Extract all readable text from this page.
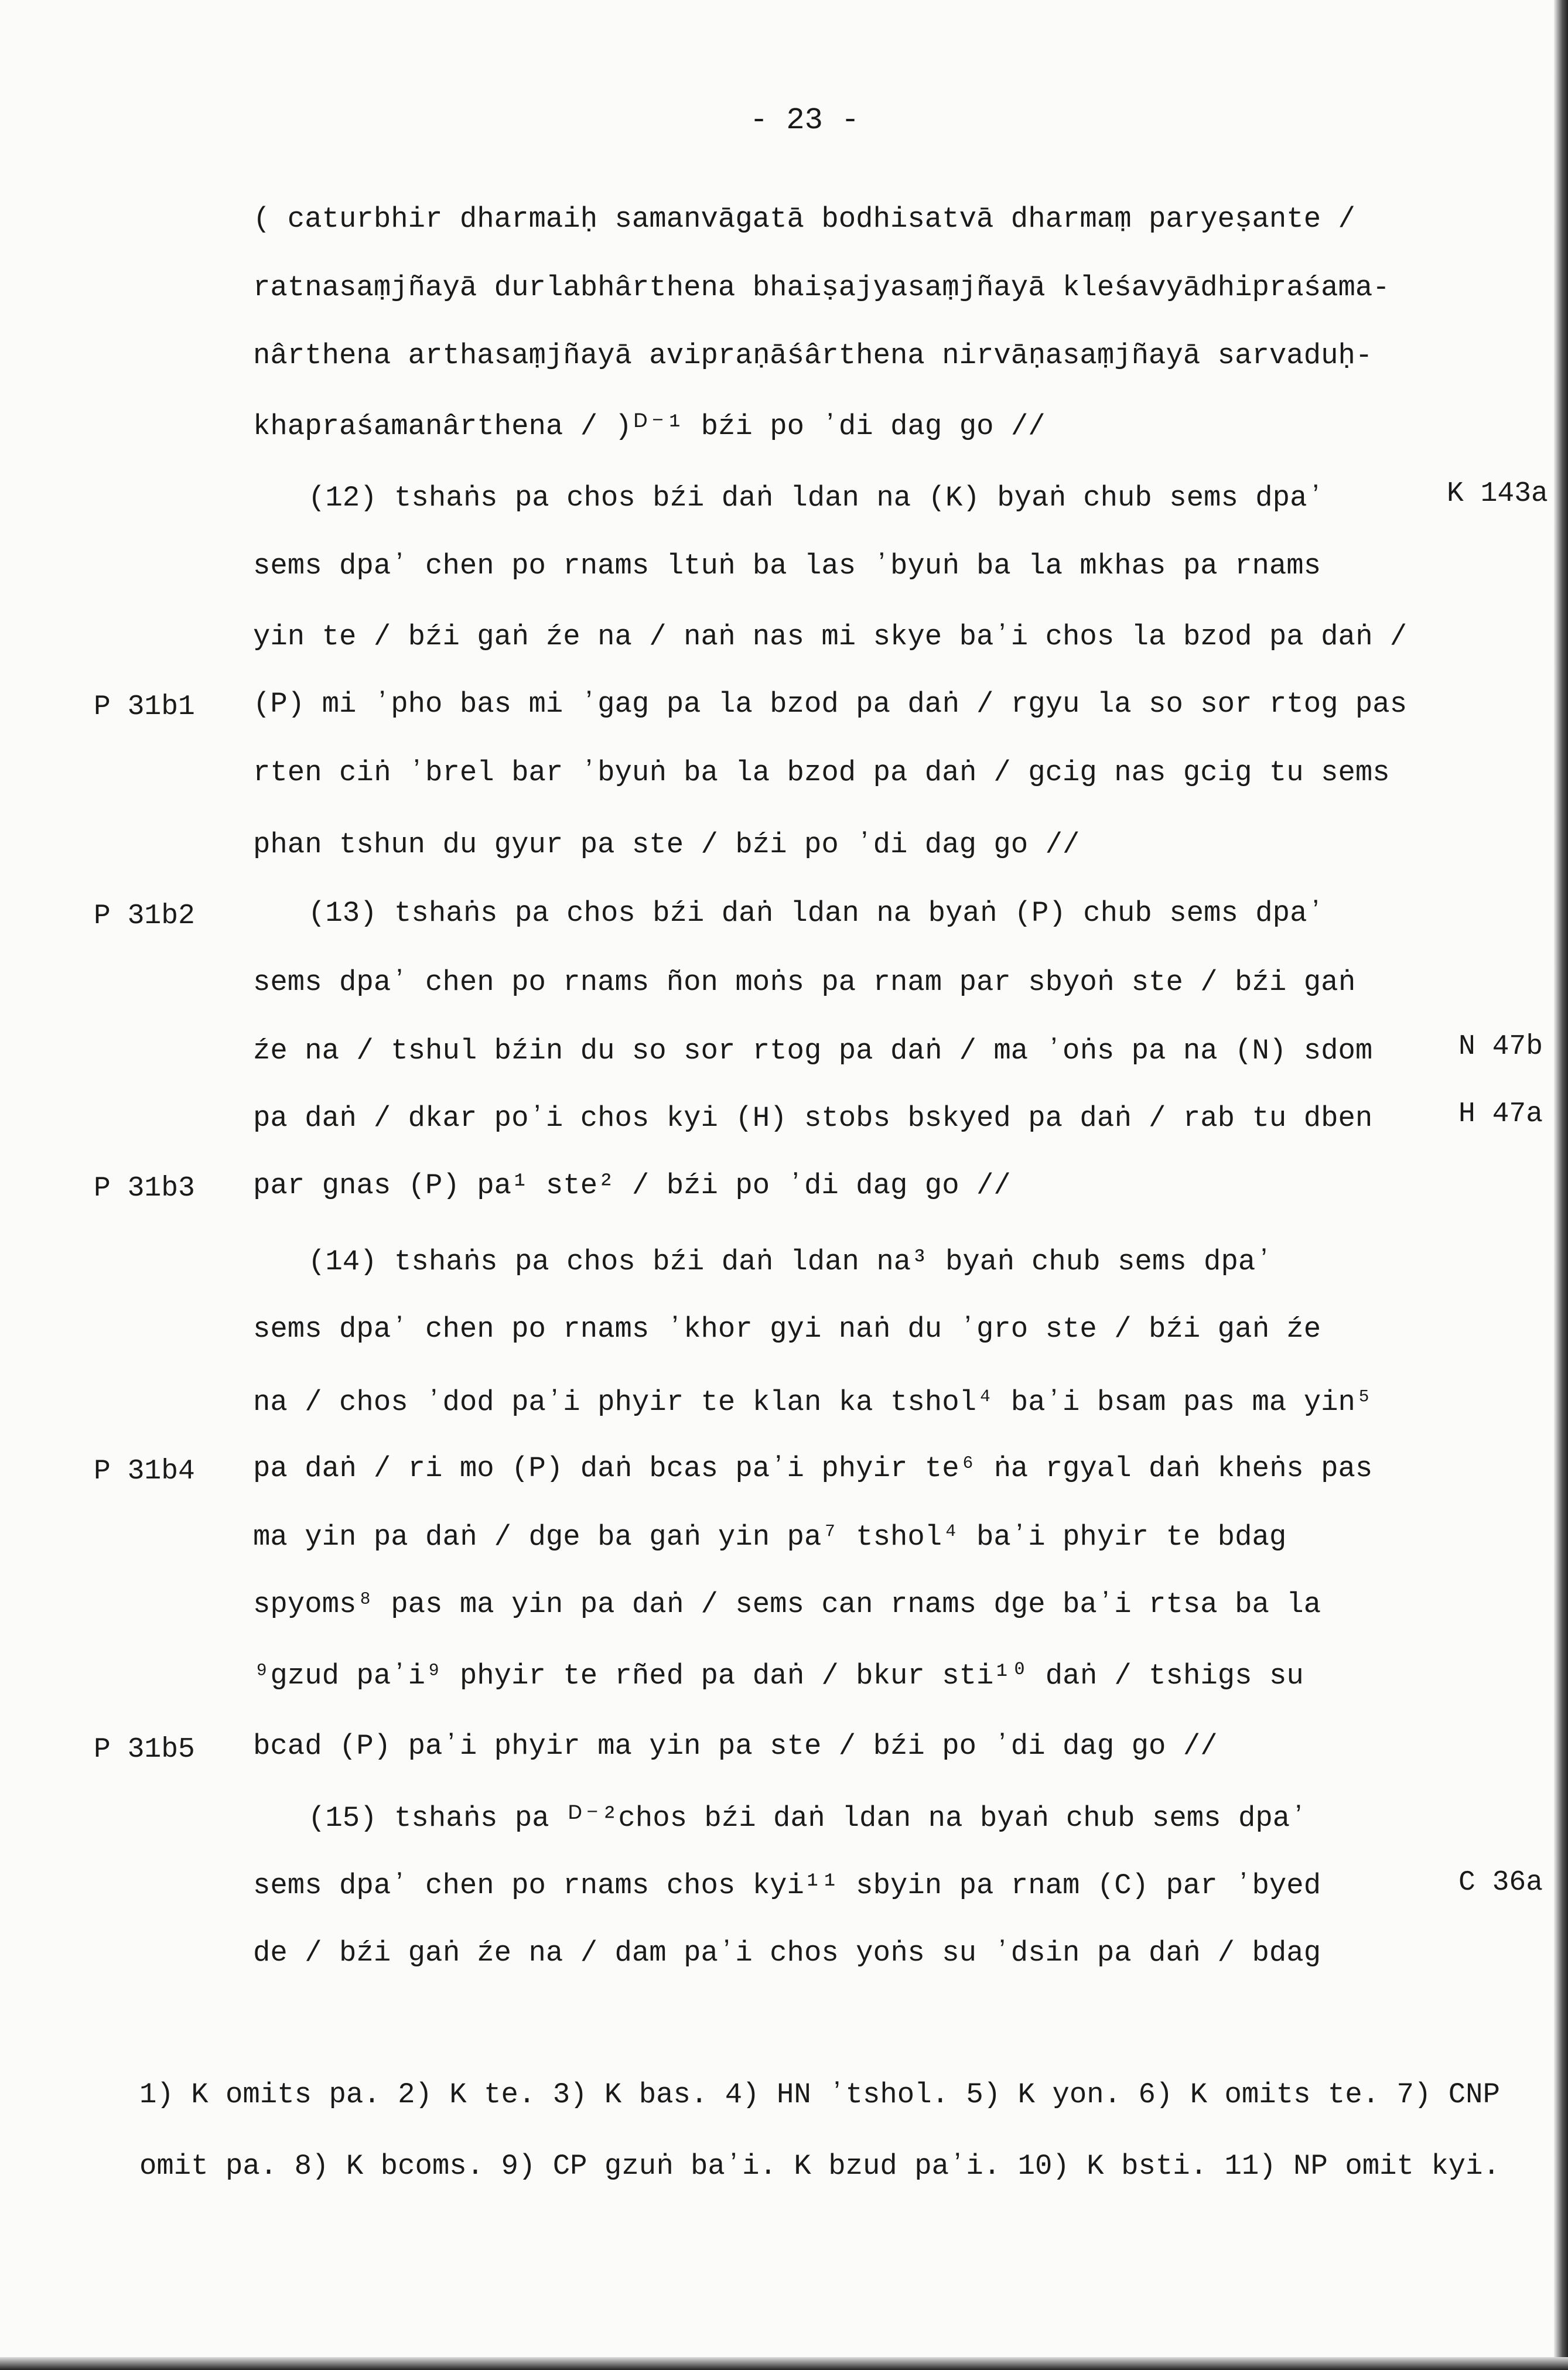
- 23 -
( caturbhir dharmaiḥ samanvāgatā bodhisatvā dharmaṃ paryeṣante /
ratnasaṃjñayā durlabhârthena bhaiṣajyasaṃjñayā kleśavyādhipraśama-
nârthena arthasaṃjñayā avipraṇāśârthena nirvāṇasaṃjñayā sarvaduḥ-
khapraśamanârthena / )ᴰ⁻¹ bźi po ʼdi dag go //
(12) tshaṅs pa chos bźi daṅ ldan na (K) byaṅ chub sems dpaʼ
sems dpaʼ chen po rnams ltuṅ ba las ʼbyuṅ ba la mkhas pa rnams
yin te / bźi gaṅ źe na / naṅ nas mi skye baʼi chos la bzod pa daṅ /
(P) mi ʼpho bas mi ʼgag pa la bzod pa daṅ / rgyu la so sor rtog pas
rten ciṅ ʼbrel bar ʼbyuṅ ba la bzod pa daṅ / gcig nas gcig tu sems
phan tshun du gyur pa ste / bźi po ʼdi dag go //
(13) tshaṅs pa chos bźi daṅ ldan na byaṅ (P) chub sems dpaʼ
sems dpaʼ chen po rnams ñon moṅs pa rnam par sbyoṅ ste / bźi gaṅ
źe na / tshul bźin du so sor rtog pa daṅ / ma ʼoṅs pa na (N) sdom
pa daṅ / dkar poʼi chos kyi (H) stobs bskyed pa daṅ / rab tu dben
par gnas (P) pa¹ ste² / bźi po ʼdi dag go //
(14) tshaṅs pa chos bźi daṅ ldan na³ byaṅ chub sems dpaʼ
sems dpaʼ chen po rnams ʼkhor gyi naṅ du ʼgro ste / bźi gaṅ źe
na / chos ʼdod paʼi phyir te klan ka tshol⁴ baʼi bsam pas ma yin⁵
pa daṅ / ri mo (P) daṅ bcas paʼi phyir te⁶ ṅa rgyal daṅ kheṅs pas
ma yin pa daṅ / dge ba gaṅ yin pa⁷ tshol⁴ baʼi phyir te bdag
spyoms⁸ pas ma yin pa daṅ / sems can rnams dge baʼi rtsa ba la
⁹gzud paʼi⁹ phyir te rñed pa daṅ / bkur sti¹⁰ daṅ / tshigs su
bcad (P) paʼi phyir ma yin pa ste / bźi po ʼdi dag go //
(15) tshaṅs pa ᴰ⁻²chos bźi daṅ ldan na byaṅ chub sems dpaʼ
sems dpaʼ chen po rnams chos kyi¹¹ sbyin pa rnam (C) par ʼbyed
de / bźi gaṅ źe na / dam paʼi chos yoṅs su ʼdsin pa daṅ / bdag
P 31b1
P 31b2
P 31b3
P 31b4
P 31b5
K 143a
N 47b
H 47a
C 36a
1) K omits pa. 2) K te. 3) K bas. 4) HN ʼtshol. 5) K yon. 6) K omits te. 7) CNP
omit pa. 8) K bcoms. 9) CP gzuṅ baʼi. K bzud paʼi. 10) K bsti. 11) NP omit kyi.
